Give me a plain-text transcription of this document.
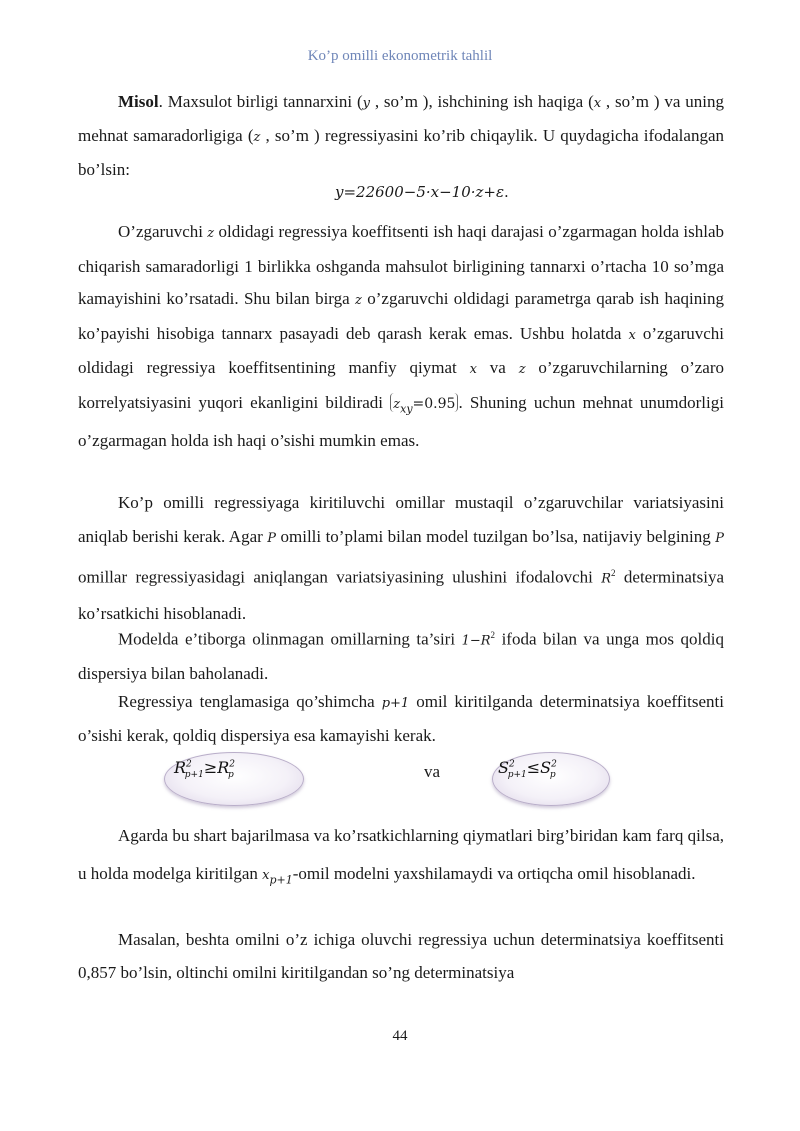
Ko’p omilli ekonometrik tahlil

Misol. Maxsulot birligi tannarxini (y , so’m ), ishchining ish haqiga (x , so’m ) va uning mehnat samaradorligiga (z , so’m ) regressiyasini ko’rib chiqaylik. U quydagicha ifodalangan bo’lsin:

y=22600−5·x−10·z+ε.

O’zgaruvchi z oldidagi regressiya koeffitsenti ish haqi darajasi o’zgarmagan holda ishlab chiqarish samaradorligi 1 birlikka oshganda mahsulot birligining tannarxi o’rtacha 10 so’mga kamayishini ko’rsatadi. Shu bilan birga z o’zgaruvchi oldidagi parametrga qarab ish haqining ko’payishi hisobiga tannarx pasayadi deb qarash kerak emas. Ushbu holatda x o’zgaruvchi oldidagi regressiya koeffitsentining manfiy qiymat x va z o’zgaruvchilarning o’zaro korrelyatsiyasini yuqori ekanligini bildiradi $z_{xy}=0.95$ . Shuning uchun mehnat unumdorligi o’zgarmagan holda ish haqi o’sishi mumkin emas.

Ko’p omilli regressiyaga kiritiluvchi omillar mustaqil o’zgaruvchilar variatsiyasini aniqlab berishi kerak. Agar P omilli to’plami bilan model tuzilgan bo’lsa, natijaviy belgining P omillar regressiyasidagi aniqlangan variatsiyasining ulushini ifodalovchi $R^2$ determinatsiya ko’rsatkichi hisoblanadi.

Modelda e’tiborga olinmagan omillarning ta’siri $1-R^2$ ifoda bilan va unga mos qoldiq dispersiya bilan baholanadi.

Regressiya tenglamasiga qo’shimcha p+1 omil kiritilganda determinatsiya koeffitsenti o’sishi kerak, qoldiq dispersiya esa kamayishi kerak.

$R^2_{p+1}\ge R^2_p$	va	$S^2_{p+1}\le S^2_p$

Agarda bu shart bajarilmasa va ko’rsatkichlarning qiymatlari birg’biridan kam farq qilsa, u holda modelga kiritilgan $x_{p+1}$-omil modelni yaxshilamaydi va ortiqcha omil hisoblanadi.

Masalan, beshta omilni o’z ichiga oluvchi regressiya uchun determinatsiya koeffitsenti 0,857 bo’lsin, oltinchi omilni kiritilgandan so’ng determinatsiya

44
